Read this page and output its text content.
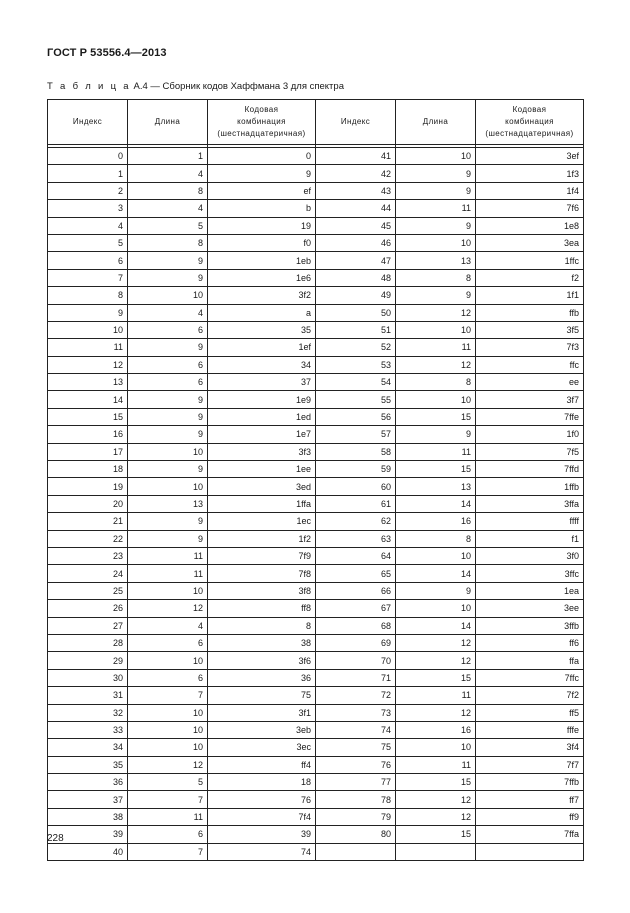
ГОСТ Р 53556.4—2013
Т а б л и ц а А.4 — Сборник кодов Хаффмана 3 для спектра
Индекс	Длина	Кодовая
комбинация
(шестнадцатеричная)	Индекс	Длина	Кодовая
комбинация
(шестнадцатеричная)

0	1	0	41	10	3ef
1	4	9	42	9	1f3
2	8	ef	43	9	1f4
3	4	b	44	11	7f6
4	5	19	45	9	1e8
5	8	f0	46	10	3ea
6	9	1eb	47	13	1ffc
7	9	1e6	48	8	f2
8	10	3f2	49	9	1f1
9	4	a	50	12	ffb
10	6	35	51	10	3f5
11	9	1ef	52	11	7f3
12	6	34	53	12	ffc
13	6	37	54	8	ee
14	9	1e9	55	10	3f7
15	9	1ed	56	15	7ffe
16	9	1e7	57	9	1f0
17	10	3f3	58	11	7f5
18	9	1ee	59	15	7ffd
19	10	3ed	60	13	1ffb
20	13	1ffa	61	14	3ffa
21	9	1ec	62	16	ffff
22	9	1f2	63	8	f1
23	11	7f9	64	10	3f0
24	11	7f8	65	14	3ffc
25	10	3f8	66	9	1ea
26	12	ff8	67	10	3ee
27	4	8	68	14	3ffb
28	6	38	69	12	ff6
29	10	3f6	70	12	ffa
30	6	36	71	15	7ffc
31	7	75	72	11	7f2
32	10	3f1	73	12	ff5
33	10	3eb	74	16	fffe
34	10	3ec	75	10	3f4
35	12	ff4	76	11	7f7
36	5	18	77	15	7ffb
37	7	76	78	12	ff7
38	11	7f4	79	12	ff9
39	6	39	80	15	7ffa
40	7	74			
228
